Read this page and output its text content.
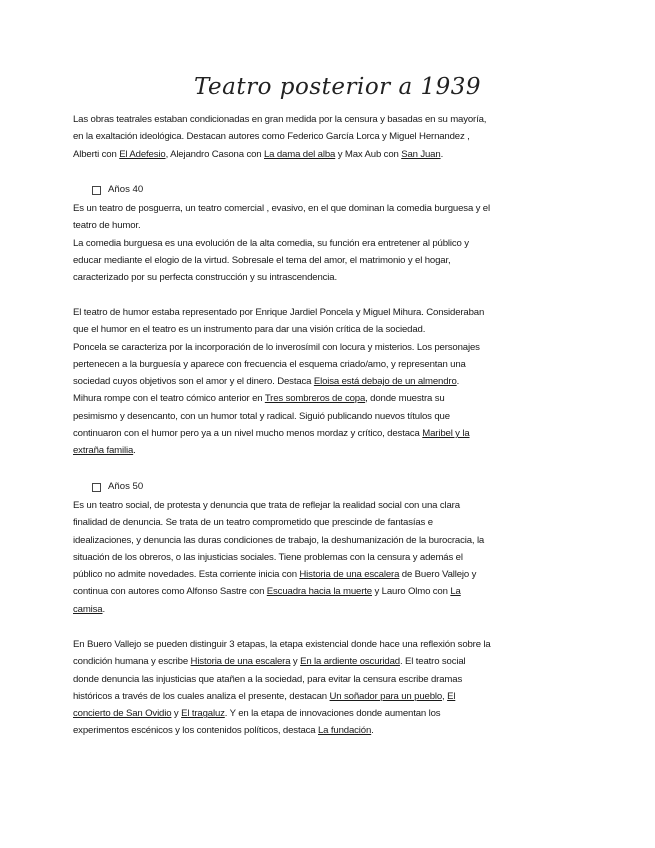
Teatro posterior a 1939
Las obras teatrales estaban condicionadas en gran medida por la censura y basadas en su mayoría,
en la exaltación ideológica. Destacan autores como Federico García Lorca y Miguel Hernandez ,
Alberti con El Adefesio, Alejandro Casona con La dama del alba y Max Aub con San Juan.
Años 40
Es un teatro de posguerra, un teatro comercial , evasivo, en el que dominan la comedia burguesa y el
teatro de humor.
La comedia burguesa es una evolución de la alta comedia, su función era entretener al público y
educar mediante el elogio de la virtud. Sobresale el tema del amor, el matrimonio y el hogar,
caracterizado por su perfecta construcción y su intrascendencia.
El teatro de humor estaba representado por Enrique Jardiel Poncela y Miguel Mihura. Consideraban
que el humor en el teatro es un instrumento para dar una visión crítica de la sociedad.
Poncela se caracteriza por la incorporación de lo inverosímil con locura y misterios. Los personajes
pertenecen a la burguesía y aparece con frecuencia el esquema criado/amo, y representan una
sociedad cuyos objetivos son el amor y el dinero. Destaca Eloisa está debajo de un almendro.
Mihura rompe con el teatro cómico anterior en Tres sombreros de copa, donde muestra su
pesimismo y desencanto, con un humor total y radical. Siguió publicando nuevos títulos que
continuaron con el humor pero ya a un nivel mucho menos mordaz y crítico, destaca Maribel y la
extraña familia.
Años 50
Es un teatro social, de protesta y denuncia que trata de reflejar la realidad social con una clara
finalidad de denuncia. Se trata de un teatro comprometido que prescinde de fantasías e
idealizaciones, y denuncia las duras condiciones de trabajo, la deshumanización de la burocracia, la
situación de los obreros, o las injusticias sociales. Tiene problemas con la censura y además el
público no admite novedades. Esta corriente inicia con Historia de una escalera de Buero Vallejo y
continua con autores como Alfonso Sastre con Escuadra hacia la muerte y Lauro Olmo con La
camisa.
En Buero Vallejo se pueden distinguir 3 etapas, la etapa existencial donde hace una reflexión sobre la
condición humana y escribe Historia de una escalera y En la ardiente oscuridad. El teatro social
donde denuncia las injusticias que atañen a la sociedad, para evitar la censura escribe dramas
históricos a través de los cuales analiza el presente, destacan Un soñador para un pueblo, El
concierto de San Ovidio y El tragaluz. Y en la etapa de innovaciones donde aumentan los
experimentos escénicos y los contenidos políticos, destaca La fundación.
